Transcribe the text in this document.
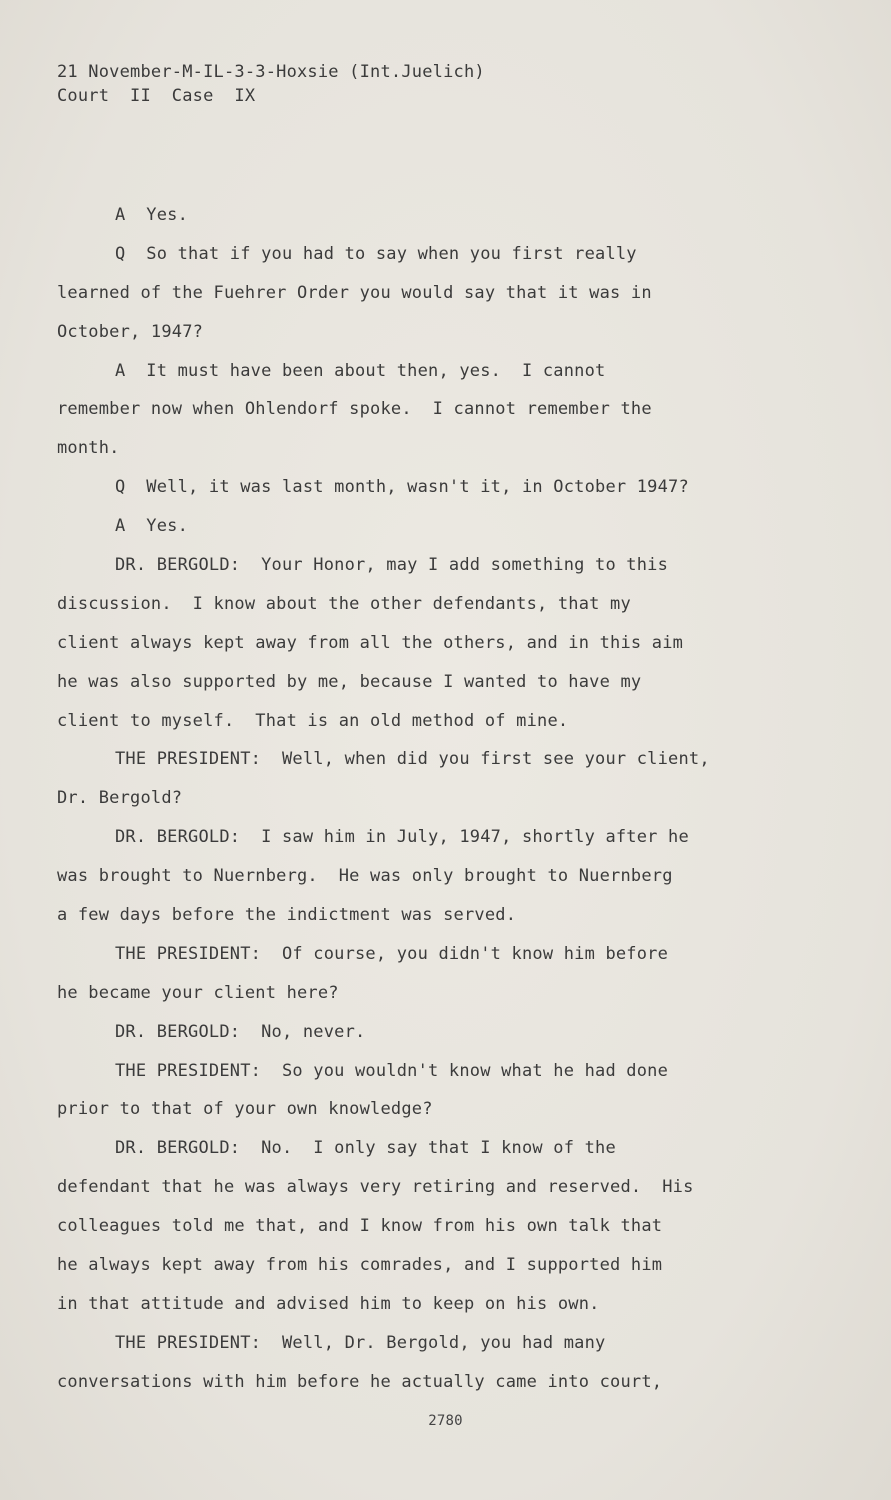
21 November-M-IL-3-3-Hoxsie (Int.Juelich)
Court  II  Case  IX
A  Yes.
Q  So that if you had to say when you first really
learned of the Fuehrer Order you would say that it was in
October, 1947?
A  It must have been about then, yes.  I cannot
remember now when Ohlendorf spoke.  I cannot remember the
month.
Q  Well, it was last month, wasn't it, in October 1947?
A  Yes.
DR. BERGOLD:  Your Honor, may I add something to this
discussion.  I know about the other defendants, that my
client always kept away from all the others, and in this aim
he was also supported by me, because I wanted to have my
client to myself.  That is an old method of mine.
THE PRESIDENT:  Well, when did you first see your client,
Dr. Bergold?
DR. BERGOLD:  I saw him in July, 1947, shortly after he
was brought to Nuernberg.  He was only brought to Nuernberg
a few days before the indictment was served.
THE PRESIDENT:  Of course, you didn't know him before
he became your client here?
DR. BERGOLD:  No, never.
THE PRESIDENT:  So you wouldn't know what he had done
prior to that of your own knowledge?
DR. BERGOLD:  No.  I only say that I know of the
defendant that he was always very retiring and reserved.  His
colleagues told me that, and I know from his own talk that
he always kept away from his comrades, and I supported him
in that attitude and advised him to keep on his own.
THE PRESIDENT:  Well, Dr. Bergold, you had many
conversations with him before he actually came into court,
2780
